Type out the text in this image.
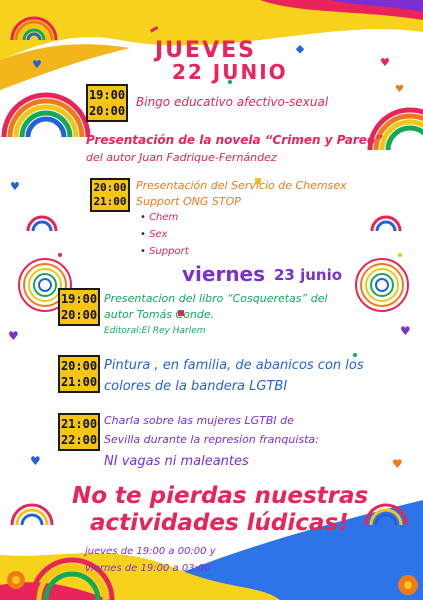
♥	♥
♥
♥
♥	♥
♥	♥
JUEVES
22 JUNIO
19:00
20:00
Bingo educativo afectivo-sexual
Presentación de la novela “Crimen y Pareo”
del autor Juan Fadrique-Fernández
20:00
21:00
Presentación del Servicio de Chemsex
Support ONG STOP
• Chem
• Sex
• Support
viernes 23 junio
19:00
20:00
Presentacion del libro “Cosqueretas” del
autor Tomás Conde.
Editoral:El Rey Harlem
20:00
21:00
Pintura , en familia, de abanicos con los
colores de la bandera LGTBI
21:00
22:00
Charla sobre las mujeres LGTBI de
Sevilla durante la represion franquista:
NI vagas ni maleantes
No te pierdas nuestras
actividades lúdicas!
jueves de 19:00 a 00:00 y
viernes de 19:00 a 03:00
